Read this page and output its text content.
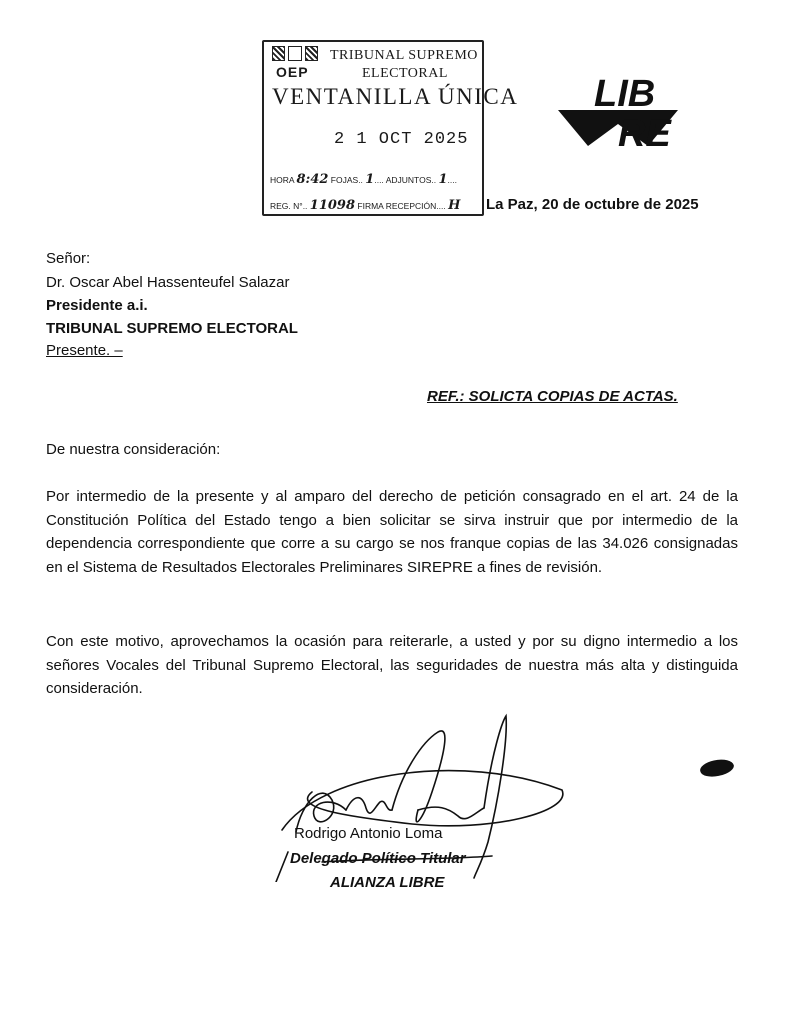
OEP
TRIBUNAL SUPREMO
ELECTORAL
VENTANILLA ÚNICA
2 1 OCT 2025
HORA 8:42 FOJAS.. 1.... ADJUNTOS.. 1....
REG. N°.. 11098 FIRMA RECEPCIÓN.... H
LIB
RE
La Paz, 20 de octubre de 2025
Señor:
Dr. Oscar Abel Hassenteufel Salazar
Presidente a.i.
TRIBUNAL SUPREMO ELECTORAL
Presente. –
REF.: SOLICTA COPIAS DE ACTAS.
De nuestra consideración:
Por intermedio de la presente y al amparo del derecho de petición consagrado en el art. 24 de la Constitución Política del Estado tengo a bien solicitar se sirva instruir que por intermedio de la dependencia correspondiente que corre a su cargo se nos franque copias de las 34.026 consignadas en el Sistema de Resultados Electorales Preliminares SIREPRE a fines de revisión.
Con este motivo, aprovechamos la ocasión para reiterarle, a usted y por su digno intermedio a los señores Vocales del Tribunal Supremo Electoral, las seguridades de nuestra más alta y distinguida consideración.
Rodrigo Antonio Loma
Delegado Político Titular
ALIANZA LIBRE
